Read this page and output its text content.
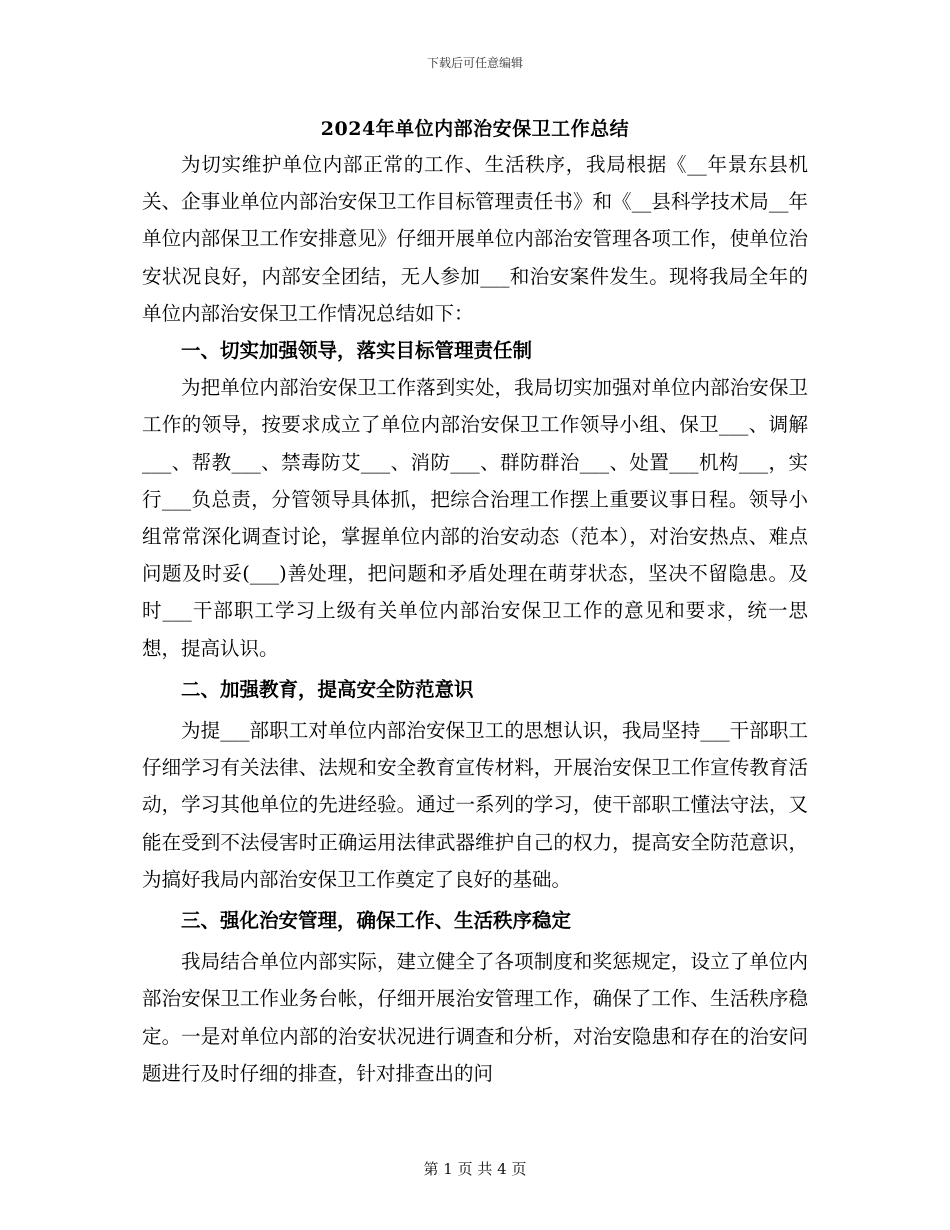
下载后可任意编辑
2024年单位内部治安保卫工作总结

为切实维护单位内部正常的工作、生活秩序，我局根据《__年景东县机关、企事业单位内部治安保卫工作目标管理责任书》和《__县科学技术局__年单位内部保卫工作安排意见》仔细开展单位内部治安管理各项工作，使单位治安状况良好，内部安全团结，无人参加___和治安案件发生。现将我局全年的单位内部治安保卫工作情况总结如下：

一、切实加强领导，落实目标管理责任制

为把单位内部治安保卫工作落到实处，我局切实加强对单位内部治安保卫工作的领导，按要求成立了单位内部治安保卫工作领导小组、保卫___、调解___、帮教___、禁毒防艾___、消防___、群防群治___、处置___机构___，实行___负总责，分管领导具体抓，把综合治理工作摆上重要议事日程。领导小组常常深化调查讨论，掌握单位内部的治安动态（范本），对治安热点、难点问题及时妥(___)善处理，把问题和矛盾处理在萌芽状态，坚决不留隐患。及时___干部职工学习上级有关单位内部治安保卫工作的意见和要求，统一思想，提高认识。

二、加强教育，提高安全防范意识

为提___部职工对单位内部治安保卫工的思想认识，我局坚持___干部职工仔细学习有关法律、法规和安全教育宣传材料，开展治安保卫工作宣传教育活动，学习其他单位的先进经验。通过一系列的学习，使干部职工懂法守法，又能在受到不法侵害时正确运用法律武器维护自己的权力，提高安全防范意识，为搞好我局内部治安保卫工作奠定了良好的基础。

三、强化治安管理，确保工作、生活秩序稳定

我局结合单位内部实际，建立健全了各项制度和奖惩规定，设立了单位内部治安保卫工作业务台帐，仔细开展治安管理工作，确保了工作、生活秩序稳定。一是对单位内部的治安状况进行调查和分析，对治安隐患和存在的治安问题进行及时仔细的排查，针对排查出的问

第 1 页 共 4 页
